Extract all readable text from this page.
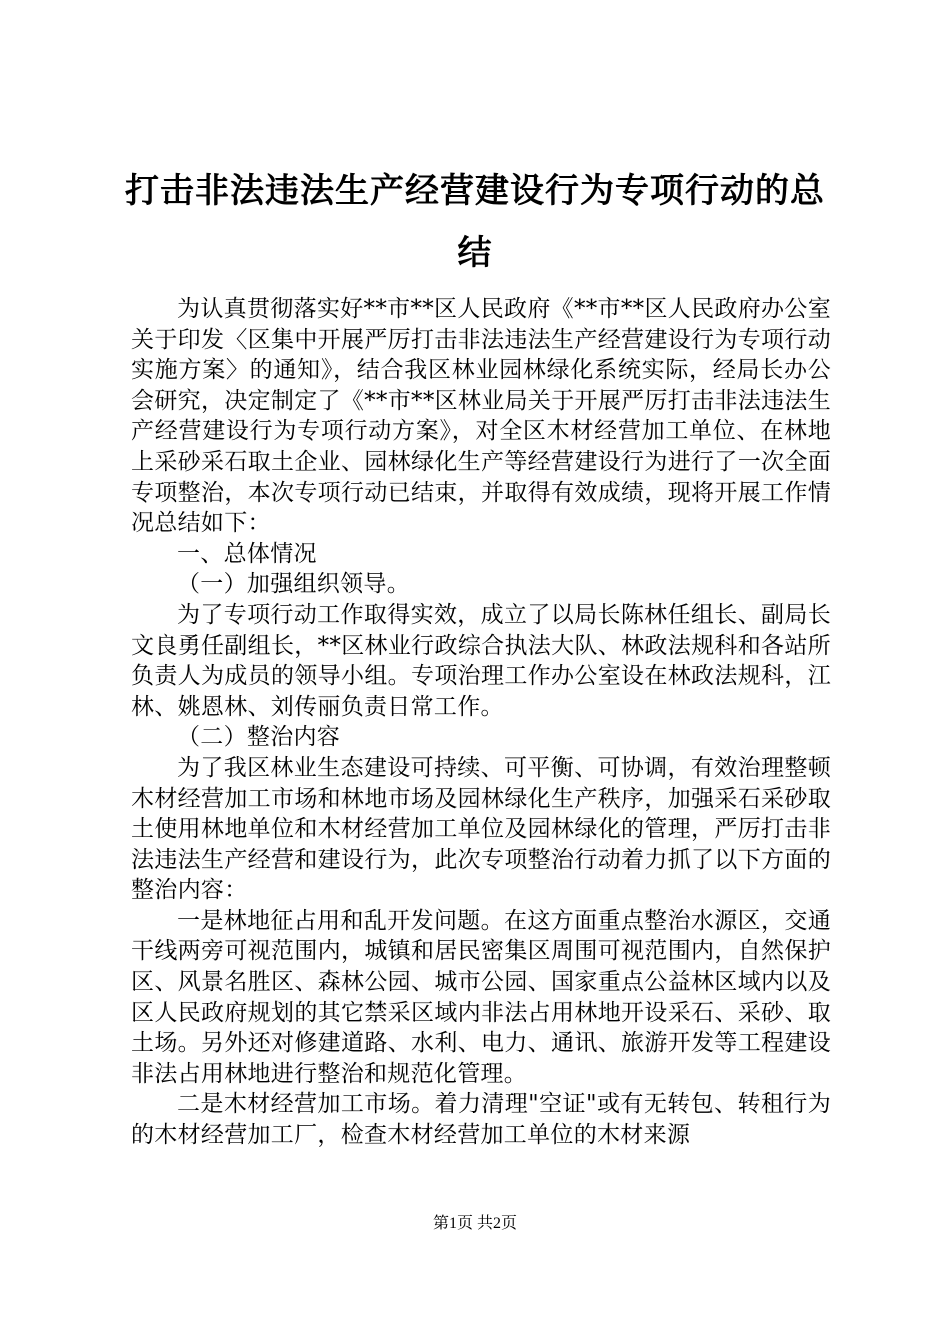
打击非法违法生产经营建设行为专项行动的总结

为认真贯彻落实好**市**区人民政府《**市**区人民政府办公室关于印发〈区集中开展严厉打击非法违法生产经营建设行为专项行动实施方案〉的通知》，结合我区林业园林绿化系统实际，经局长办公会研究，决定制定了《**市**区林业局关于开展严厉打击非法违法生产经营建设行为专项行动方案》，对全区木材经营加工单位、在林地上采砂采石取土企业、园林绿化生产等经营建设行为进行了一次全面专项整治，本次专项行动已结束，并取得有效成绩，现将开展工作情况总结如下：

一、总体情况

（一）加强组织领导。

为了专项行动工作取得实效，成立了以局长陈林任组长、副局长文良勇任副组长，**区林业行政综合执法大队、林政法规科和各站所负责人为成员的领导小组。专项治理工作办公室设在林政法规科，江林、姚恩林、刘传丽负责日常工作。

（二）整治内容

为了我区林业生态建设可持续、可平衡、可协调，有效治理整顿木材经营加工市场和林地市场及园林绿化生产秩序，加强采石采砂取土使用林地单位和木材经营加工单位及园林绿化的管理，严厉打击非法违法生产经营和建设行为，此次专项整治行动着力抓了以下方面的整治内容：

一是林地征占用和乱开发问题。在这方面重点整治水源区，交通干线两旁可视范围内，城镇和居民密集区周围可视范围内，自然保护区、风景名胜区、森林公园、城市公园、国家重点公益林区域内以及区人民政府规划的其它禁采区域内非法占用林地开设采石、采砂、取土场。另外还对修建道路、水利、电力、通讯、旅游开发等工程建设非法占用林地进行整治和规范化管理。

二是木材经营加工市场。着力清理"空证"或有无转包、转租行为的木材经营加工厂，检查木材经营加工单位的木材来源

第1页 共2页
